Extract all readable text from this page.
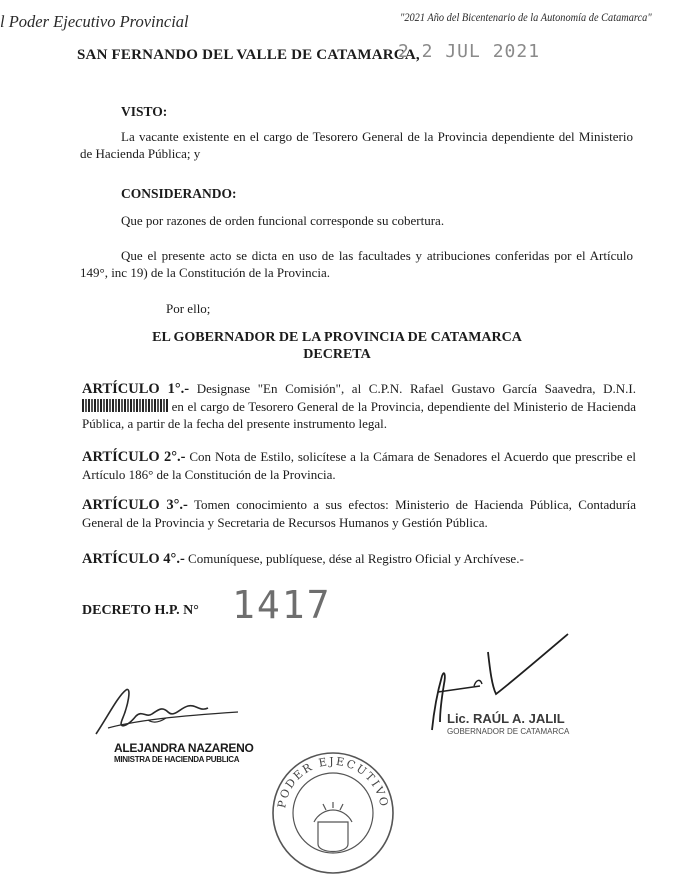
l Poder Ejecutivo Provincial	"2021 Año del Bicentenario de la Autonomía de Catamarca"
SAN FERNANDO DEL VALLE DE CATAMARCA,
2 2 JUL 2021
VISTO:
La vacante existente en el cargo de Tesorero General de la Provincia dependiente del Ministerio de Hacienda Pública; y
CONSIDERANDO:
Que por razones de orden funcional corresponde su cobertura.
Que el presente acto se dicta en uso de las facultades y atribuciones conferidas por el Artículo 149°, inc 19) de la Constitución de la Provincia.
Por ello;
EL GOBERNADOR DE LA PROVINCIA DE CATAMARCA
DECRETA
ARTÍCULO 1°.- Designase "En Comisión", al C.P.N. Rafael Gustavo García Saavedra, D.N.I.  en el cargo de Tesorero General de la Provincia, dependiente del Ministerio de Hacienda Pública, a partir de la fecha del presente instrumento legal.
ARTÍCULO 2°.- Con Nota de Estilo, solicítese a la Cámara de Senadores el Acuerdo que prescribe el Artículo 186° de la Constitución de la Provincia.
ARTÍCULO 3°.- Tomen conocimiento a sus efectos: Ministerio de Hacienda Pública, Contaduría General de la Provincia y Secretaria de Recursos Humanos y Gestión Pública.
ARTÍCULO 4°.- Comuníquese, publíquese, dése al Registro Oficial y Archívese.-
DECRETO H.P. N° 1417
ALEJANDRA NAZARENO
MINISTRA DE HACIENDA PUBLICA
Lic. RAÚL A. JALIL
GOBERNADOR DE CATAMARCA
PODER EJECUTIVO
